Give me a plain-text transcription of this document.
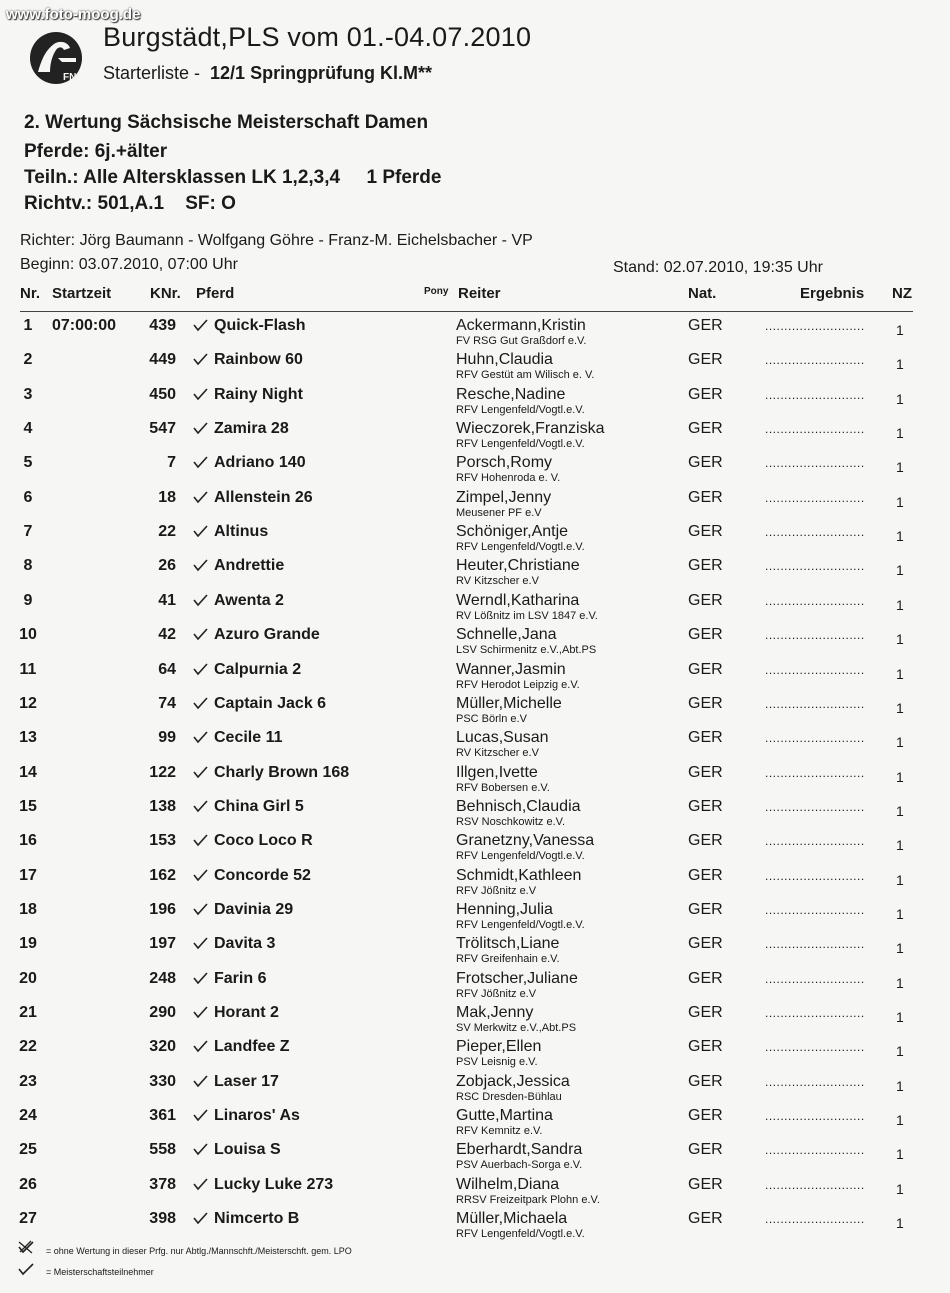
www.foto-moog.de
FN
Burgstädt,PLS vom 01.-04.07.2010
Starterliste - 12/1 Springprüfung Kl.M**
2. Wertung Sächsische Meisterschaft Damen
Pferde: 6j.+älter
Teiln.: Alle Altersklassen LK 1,2,3,4     1 Pferde
Richtv.: 501,A.1    SF: O
Richter: Jörg Baumann - Wolfgang Göhre - Franz-M. Eichelsbacher - VP
Beginn: 03.07.2010, 07:00 Uhr	Stand: 02.07.2010, 19:35 Uhr
Nr. Startzeit	KNr. Pferd	Pony Reiter	Nat.	Ergebnis NZ
1	07:00:00	439 Quick-Flash	Ackermann,Kristin	GER	1
FV RSG Gut Graßdorf e.V.
..........................
2	449 Rainbow 60	Huhn,Claudia	GER	1
RFV Gestüt am Wilisch e. V.
..........................
3	450 Rainy Night	Resche,Nadine	GER	1
RFV Lengenfeld/Vogtl.e.V.
..........................
4	547 Zamira 28	Wieczorek,Franziska	GER	1
RFV Lengenfeld/Vogtl.e.V.
..........................
5	7 Adriano 140	Porsch,Romy	GER	1
RFV Hohenroda e. V.
..........................
6	18 Allenstein 26	Zimpel,Jenny	GER	1
Meusener PF e.V
..........................
7	22 Altinus	Schöniger,Antje	GER	1
RFV Lengenfeld/Vogtl.e.V.
..........................
8	26 Andrettie	Heuter,Christiane	GER	1
RV Kitzscher e.V
..........................
9	41 Awenta 2	Werndl,Katharina	GER	1
RV Lößnitz im LSV 1847 e.V.
..........................
10	42 Azuro Grande	Schnelle,Jana	GER	1
LSV Schirmenitz e.V.,Abt.PS
..........................
11	64 Calpurnia 2	Wanner,Jasmin	GER	1
RFV Herodot Leipzig e.V.
..........................
12	74 Captain Jack 6	Müller,Michelle	GER	1
PSC Börln e.V
..........................
13	99 Cecile 11	Lucas,Susan	GER	1
RV Kitzscher e.V
..........................
14	122 Charly Brown 168	Illgen,Ivette	GER	1
RFV Bobersen e.V.
..........................
15	138 China Girl 5	Behnisch,Claudia	GER	1
RSV Noschkowitz e.V.
..........................
16	153 Coco Loco R	Granetzny,Vanessa	GER	1
RFV Lengenfeld/Vogtl.e.V.
..........................
17	162 Concorde 52	Schmidt,Kathleen	GER	1
RFV Jößnitz e.V
..........................
18	196 Davinia 29	Henning,Julia	GER	1
RFV Lengenfeld/Vogtl.e.V.
..........................
19	197 Davita 3	Trölitsch,Liane	GER	1
RFV Greifenhain e.V.
..........................
20	248 Farin 6	Frotscher,Juliane	GER	1
RFV Jößnitz e.V
..........................
21	290 Horant 2	Mak,Jenny	GER	1
SV Merkwitz e.V.,Abt.PS
..........................
22	320 Landfee Z	Pieper,Ellen	GER	1
PSV Leisnig e.V.
..........................
23	330 Laser 17	Zobjack,Jessica	GER	1
RSC Dresden-Bühlau
..........................
24	361 Linaros' As	Gutte,Martina	GER	1
RFV Kemnitz e.V.
..........................
25	558 Louisa S	Eberhardt,Sandra	GER	1
PSV Auerbach-Sorga e.V.
..........................
26	378 Lucky Luke 273	Wilhelm,Diana	GER	1
RRSV Freizeitpark Plohn e.V.
..........................
27	398 Nimcerto B	Müller,Michaela	GER	1
RFV Lengenfeld/Vogtl.e.V.
..........................
= ohne Wertung in dieser Prfg. nur Abtlg./Mannschft./Meisterschft. gem. LPO
= Meisterschaftsteilnehmer
